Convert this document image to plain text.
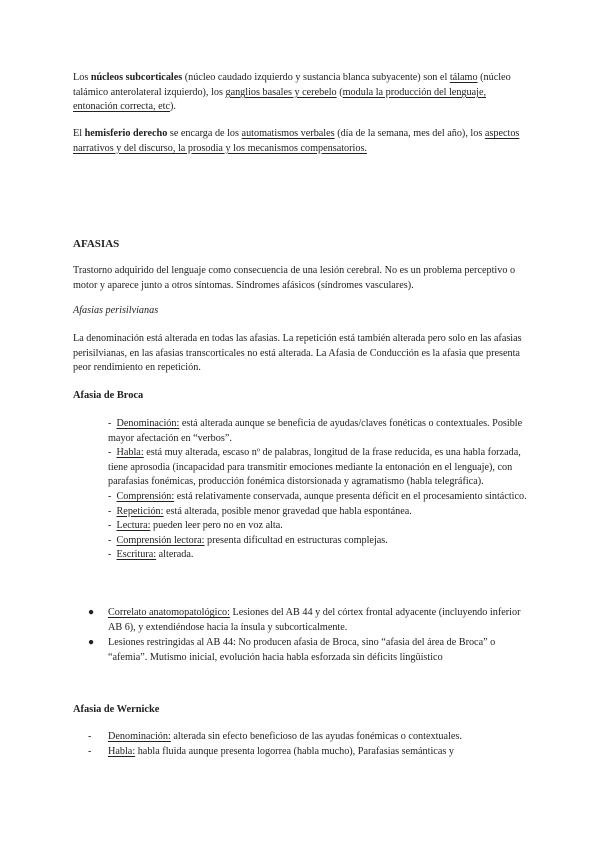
Los núcleos subcorticales (núcleo caudado izquierdo y sustancia blanca subyacente) son el tálamo (núcleo talámico anterolateral izquierdo), los ganglios basales y cerebelo (modula la producción del lenguaje, entonación correcta, etc).

El hemisferio derecho se encarga de los automatismos verbales (día de la semana, mes del año), los aspectos narrativos y del discurso, la prosodia y los mecanismos compensatorios.

AFASIAS

Trastorno adquirido del lenguaje como consecuencia de una lesión cerebral. No es un problema perceptivo o motor y aparece junto a otros síntomas. Síndromes afásicos (síndromes vasculares).

Afasias perisilvianas

La denominación está alterada en todas las afasias. La repetición está también alterada pero solo en las afasias perisilvianas, en las afasias transcorticales no está alterada. La Afasia de Conducción es la afasia que presenta peor rendimiento en repetición.

Afasia de Broca

- Denominación: está alterada aunque se beneficia de ayudas/claves fonéticas o contextuales. Posible mayor afectación en “verbos”.

- Habla: está muy alterada, escaso nº de palabras, longitud de la frase reducida, es una habla forzada, tiene aprosodia (incapacidad para transmitir emociones mediante la entonación en el lenguaje), con parafasias fonémicas, producción fonémica distorsionada y agramatismo (habla telegráfica).

- Comprensión: está relativamente conservada, aunque presenta déficit en el procesamiento sintáctico.

- Repetición: está alterada, posible menor gravedad que habla espontánea.

- Lectura: pueden leer pero no en voz alta.

- Comprensión lectora: presenta dificultad en estructuras complejas.

- Escritura: alterada.

● Correlato anatomopatológico: Lesiones del AB 44 y del córtex frontal adyacente (incluyendo inferior AB 6), y extendiéndose hacia la ínsula y subcorticalmente.
● Lesiones restringidas al AB 44: No producen afasia de Broca, sino “afasia del área de Broca” o “afemia”. Mutismo inicial, evolución hacia habla esforzada sin déficits lingüístico
Afasia de Wernicke
- Denominación: alterada sin efecto beneficioso de las ayudas fonémicas o contextuales.
- Habla: habla fluida aunque presenta logorrea (habla mucho), Parafasias semánticas y
